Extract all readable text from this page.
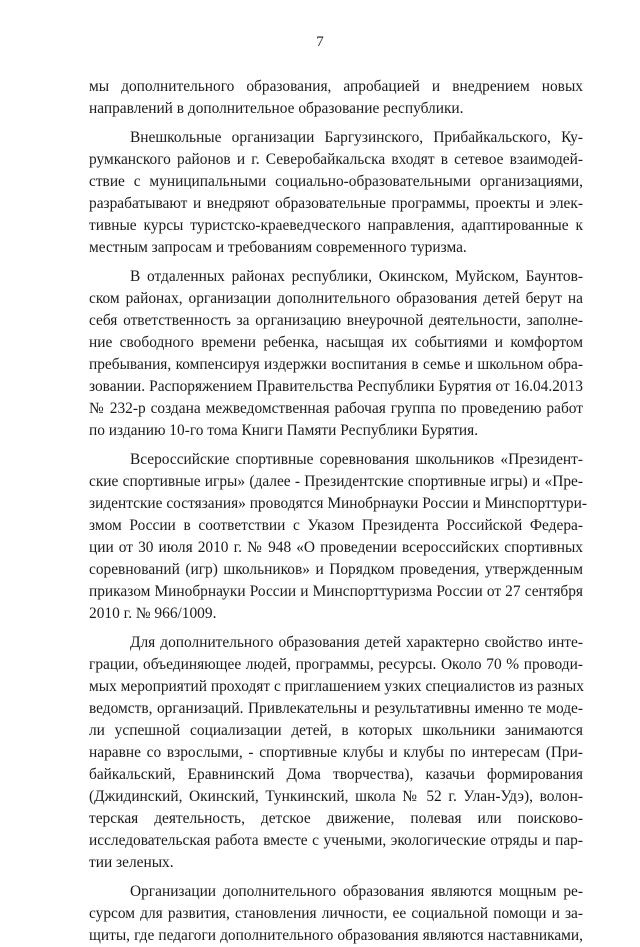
7
мы дополнительного образования, апробацией и внедрением новых
направлений в дополнительное образование республики.
Внешкольные организации Баргузинского, Прибайкальского, Ку-
румканского районов и г. Северобайкальска входят в сетевое взаимодей-
ствие с муниципальными социально-образовательными организациями,
разрабатывают и внедряют образовательные программы, проекты и элек-
тивные курсы туристско-краеведческого направления, адаптированные к
местным запросам и требованиям современного туризма.
В отдаленных районах республики, Окинском, Муйском, Баунтов-
ском районах, организации дополнительного образования детей берут на
себя ответственность за организацию внеурочной деятельности, заполне-
ние свободного времени ребенка, насыщая их событиями и комфортом
пребывания, компенсируя издержки воспитания в семье и школьном обра-
зовании. Распоряжением Правительства Республики Бурятия от 16.04.2013
№ 232-р создана межведомственная рабочая группа по проведению работ
по изданию 10-го тома Книги Памяти Республики Бурятия.
Всероссийские спортивные соревнования школьников «Президент-
ские спортивные игры» (далее - Президентские спортивные игры) и «Пре-
зидентские состязания» проводятся Минобрнауки России и Минспорттури-
змом России в соответствии с Указом Президента Российской Федера-
ции от 30 июля 2010 г. № 948 «О проведении всероссийских спортивных
соревнований (игр) школьников» и Порядком проведения, утвержденным
приказом Минобрнауки России и Минспорттуризма России от 27 сентября
2010 г. № 966/1009.
Для дополнительного образования детей характерно свойство инте-
грации, объединяющее людей, программы, ресурсы. Около 70 % проводи-
мых мероприятий проходят с приглашением узких специалистов из разных
ведомств, организаций. Привлекательны и результативны именно те моде-
ли успешной социализации детей, в которых школьники занимаются
наравне со взрослыми, - спортивные клубы и клубы по интересам (При-
байкальский, Еравнинский Дома творчества), казачьи формирования
(Джидинский, Окинский, Тункинский, школа № 52 г. Улан-Удэ), волон-
терская деятельность, детское движение, полевая или поисково-
исследовательская работа вместе с учеными, экологические отряды и пар-
тии зеленых.
Организации дополнительного образования являются мощным ре-
сурсом для развития, становления личности, ее социальной помощи и за-
щиты, где педагоги дополнительного образования являются наставниками,
